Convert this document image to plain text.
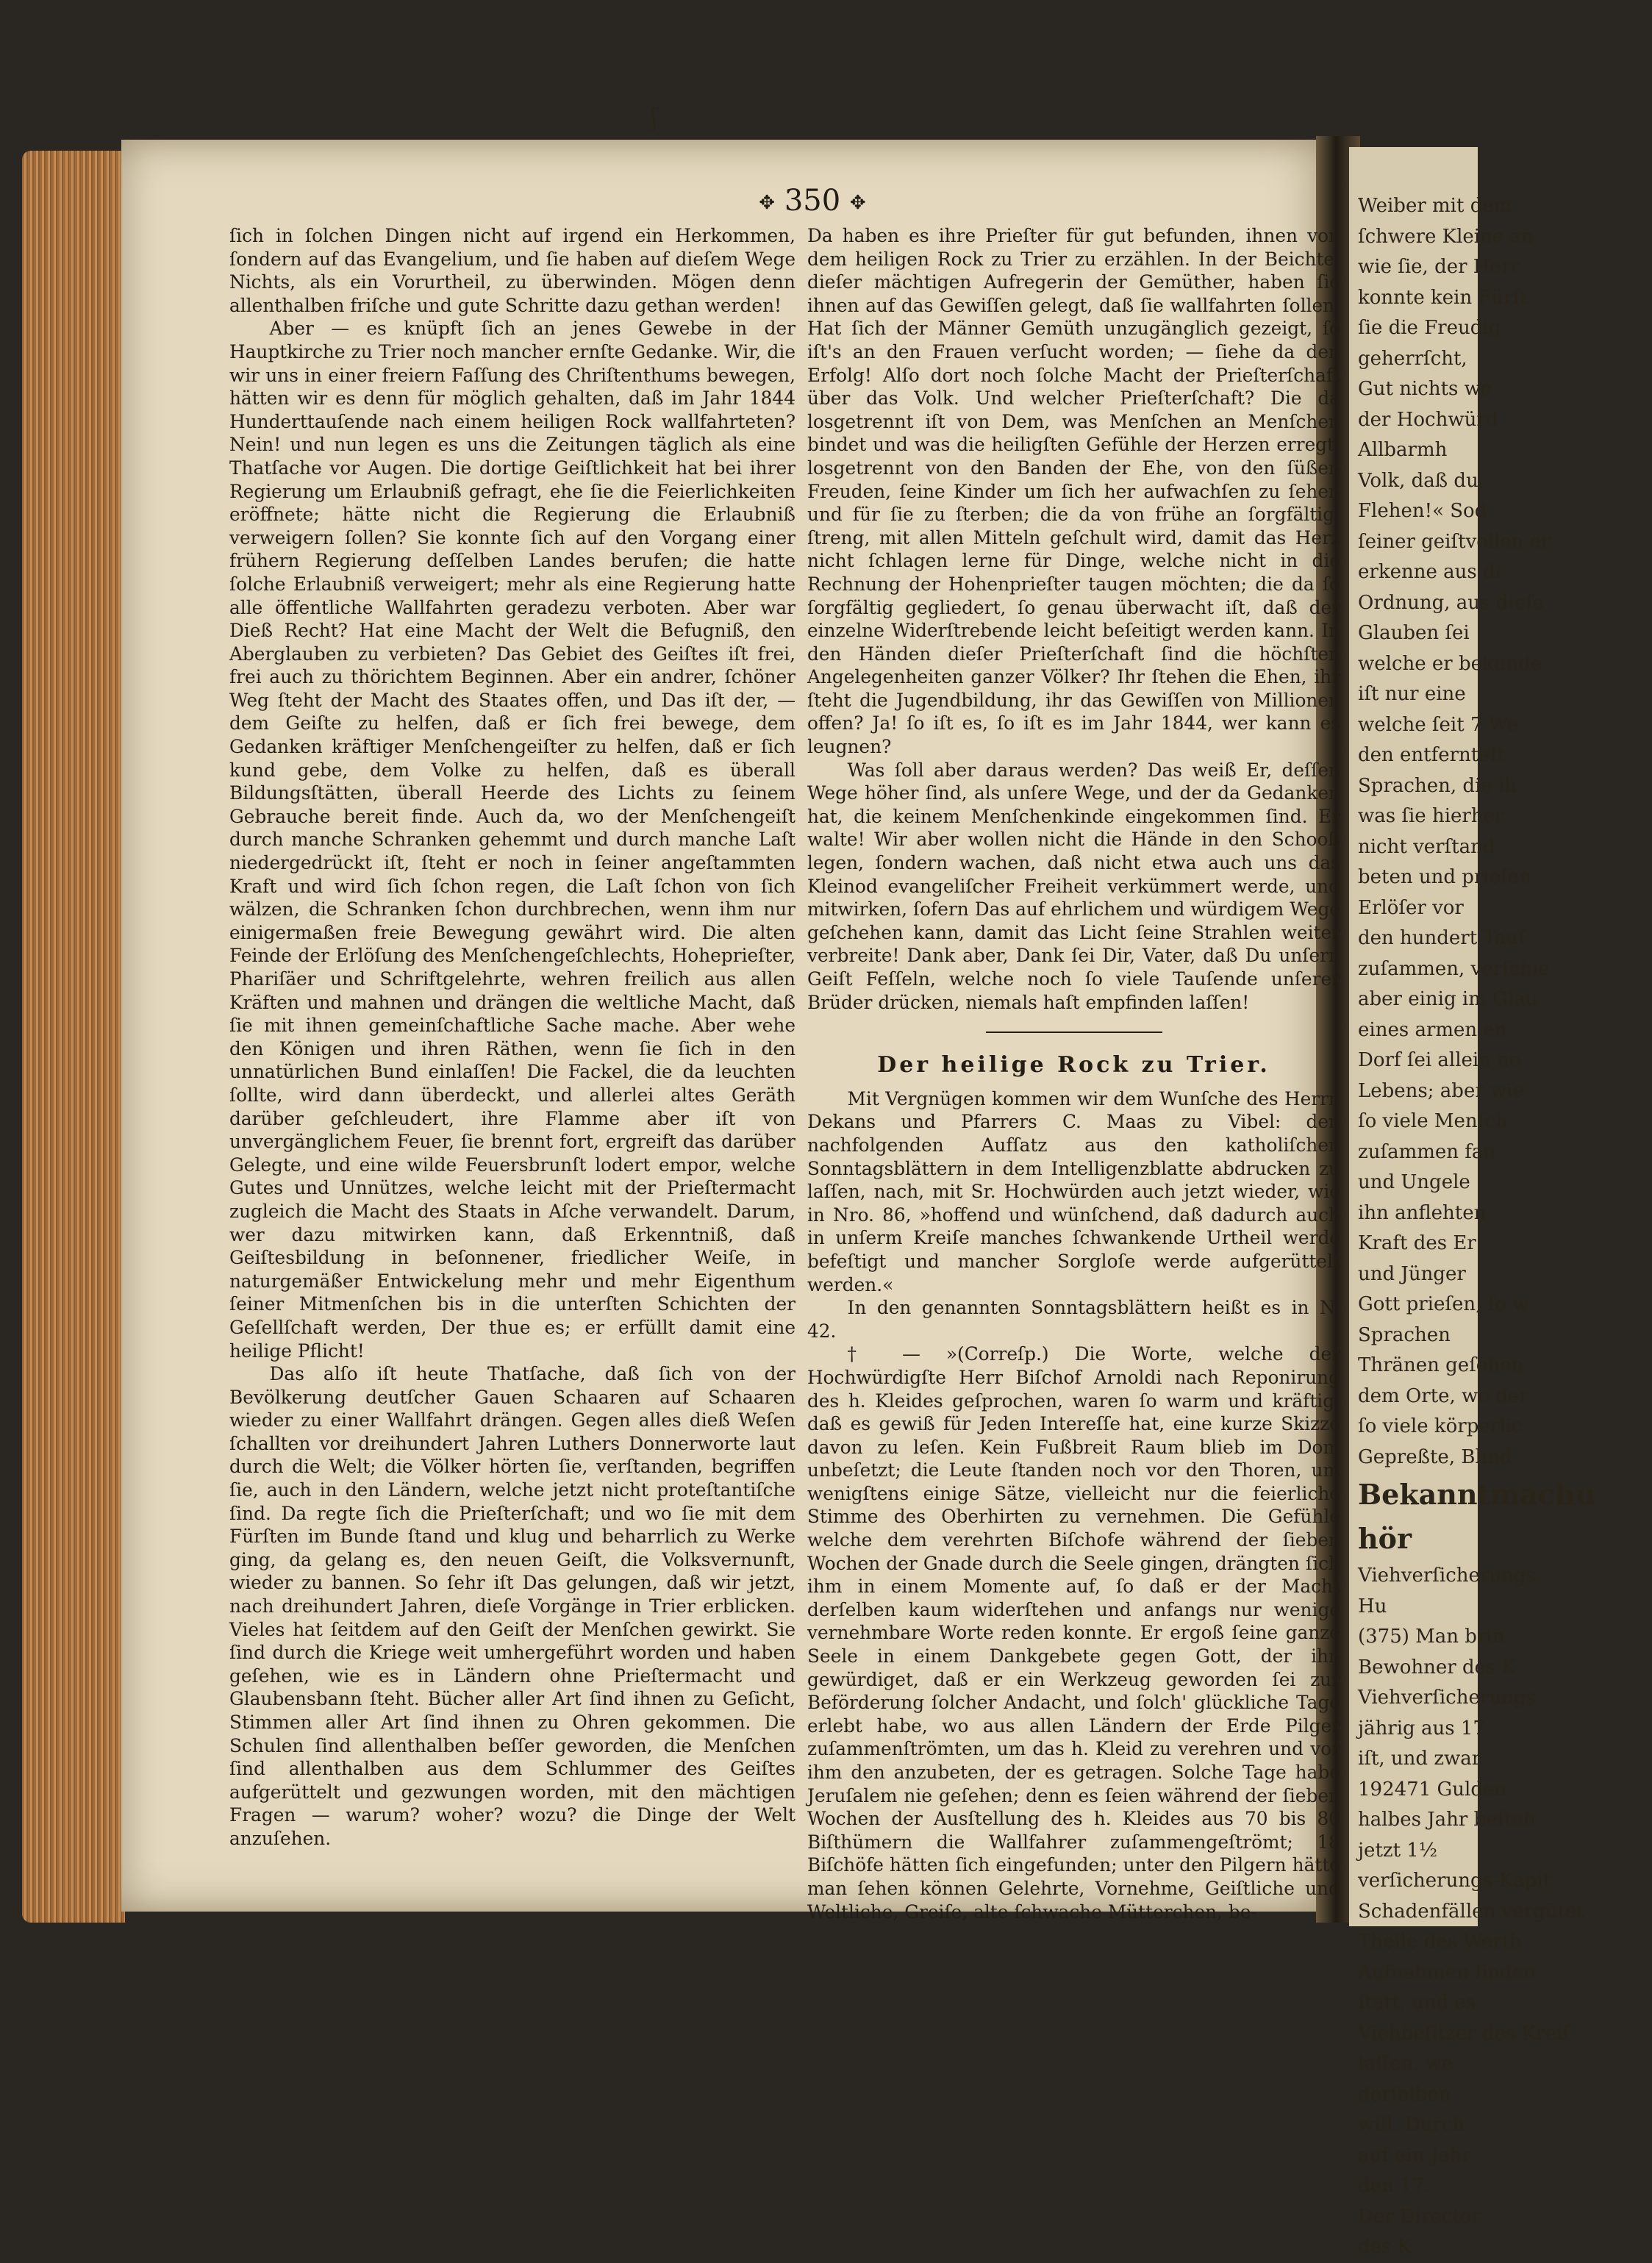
Weiber mit dem
ſchwere Kleine an
wie ſie, der Herr
konnte kein Fürſt
ſie die Freudig
geherrſcht,
Gut nichts we
der Hochwürd
Allbarmh
Volk, daß du
Flehen!« Sod
ſeiner geiſtvollen er
erkenne aus di
Ordnung, aus dieſe
Glauben ſei
welche er bekunde
iſt nur eine
welche ſeit 7 We
den entfernteſt
Sprachen, die ih
was ſie hierher
nicht verſtand
beten und prieſen
Erlöſer vor
den hundert Tauſ
zuſammen, verſchie
aber einig im Glau
eines armen en
Dorf ſei allein no
Lebens; aber wie
ſo viele Menſch
zuſammen fan
und Ungele
ihn anflehten
Kraft des Er
und Jünger
Gott prieſen, ſo w
Sprachen
Thränen geſehen
dem Orte, wo der
ſo viele körperlic
Gepreßte, Blind
Bekanntmachu
hör
Viehverſicherungs
Hu
(375) Man brin
Bewohner des K
Viehverſicherungs
jährig aus 17
iſt, und zwar
192471 Gulden
halbes Jahr beſteh
jetzt 1½
verſicherungs-Kapit
Schadenfällen vergütet
Theile des Werth
Aufnahmen finden
ſtatt, und es
Viehbeſitzer des Kreiſ
laſſen, we
derſelben
will. Durch
auf ein Jahr
den 17.
Der Director
des K
ʃ
✥ 350 ✥

ſich in ſolchen Dingen nicht auf irgend ein Herkommen, ſondern auf das Evangelium, und ſie haben auf dieſem Wege Nichts, als ein Vorurtheil, zu überwinden. Mögen denn allenthalben friſche und gute Schritte dazu gethan werden!

Aber — es knüpft ſich an jenes Gewebe in der Hauptkirche zu Trier noch mancher ernſte Gedanke. Wir, die wir uns in einer freiern Faſſung des Chriſtenthums bewegen, hätten wir es denn für möglich gehalten, daß im Jahr 1844 Hunderttauſende nach einem heiligen Rock wallfahrteten? Nein! und nun legen es uns die Zeitungen täglich als eine Thatſache vor Augen. Die dortige Geiſtlichkeit hat bei ihrer Regierung um Erlaubniß gefragt, ehe ſie die Feierlichkeiten eröffnete; hätte nicht die Regierung die Erlaubniß verweigern ſollen? Sie konnte ſich auf den Vorgang einer frühern Regierung deſſelben Landes berufen; die hatte ſolche Erlaubniß verweigert; mehr als eine Regierung hatte alle öffentliche Wallfahrten geradezu verboten. Aber war Dieß Recht? Hat eine Macht der Welt die Befugniß, den Aberglauben zu verbieten? Das Gebiet des Geiſtes iſt frei, frei auch zu thörichtem Beginnen. Aber ein andrer, ſchöner Weg ſteht der Macht des Staates offen, und Das iſt der, — dem Geiſte zu helfen, daß er ſich frei bewege, dem Gedanken kräftiger Menſchengeiſter zu helfen, daß er ſich kund gebe, dem Volke zu helfen, daß es überall Bildungsſtätten, überall Heerde des Lichts zu ſeinem Gebrauche bereit finde. Auch da, wo der Menſchengeiſt durch manche Schranken gehemmt und durch manche Laſt niedergedrückt iſt, ſteht er noch in ſeiner angeſtammten Kraft und wird ſich ſchon regen, die Laſt ſchon von ſich wälzen, die Schranken ſchon durchbrechen, wenn ihm nur einigermaßen freie Bewegung gewährt wird. Die alten Feinde der Erlöſung des Menſchengeſchlechts, Hoheprieſter, Phariſäer und Schriftgelehrte, wehren freilich aus allen Kräften und mahnen und drängen die weltliche Macht, daß ſie mit ihnen gemeinſchaftliche Sache mache. Aber wehe den Königen und ihren Räthen, wenn ſie ſich in den unnatürlichen Bund einlaſſen! Die Fackel, die da leuchten ſollte, wird dann überdeckt, und allerlei altes Geräth darüber geſchleudert, ihre Flamme aber iſt von unvergänglichem Feuer, ſie brennt fort, ergreift das darüber Gelegte, und eine wilde Feuersbrunſt lodert empor, welche Gutes und Unnützes, welche leicht mit der Prieſtermacht zugleich die Macht des Staats in Aſche verwandelt. Darum, wer dazu mitwirken kann, daß Erkenntniß, daß Geiſtesbildung in beſonnener, friedlicher Weiſe, in naturgemäßer Entwickelung mehr und mehr Eigenthum ſeiner Mitmenſchen bis in die unterſten Schichten der Geſellſchaft werden, Der thue es; er erfüllt damit eine heilige Pflicht!

Das alſo iſt heute Thatſache, daß ſich von der Bevölkerung deutſcher Gauen Schaaren auf Schaaren wieder zu einer Wallfahrt drängen. Gegen alles dieß Weſen ſchallten vor dreihundert Jahren Luthers Donnerworte laut durch die Welt; die Völker hörten ſie, verſtanden, begriffen ſie, auch in den Ländern, welche jetzt nicht proteſtantiſche ſind. Da regte ſich die Prieſterſchaft; und wo ſie mit dem Fürſten im Bunde ſtand und klug und beharrlich zu Werke ging, da gelang es, den neuen Geiſt, die Volksvernunft, wieder zu bannen. So ſehr iſt Das gelungen, daß wir jetzt, nach dreihundert Jahren, dieſe Vorgänge in Trier erblicken. Vieles hat ſeitdem auf den Geiſt der Menſchen gewirkt. Sie ſind durch die Kriege weit umhergeführt worden und haben geſehen, wie es in Ländern ohne Prieſtermacht und Glaubensbann ſteht. Bücher aller Art ſind ihnen zu Geſicht, Stimmen aller Art ſind ihnen zu Ohren gekommen. Die Schulen ſind allenthalben beſſer geworden, die Menſchen ſind allenthalben aus dem Schlummer des Geiſtes aufgerüttelt und gezwungen worden, mit den mächtigen Fragen — warum? woher? wozu? die Dinge der Welt anzuſehen.

Da haben es ihre Prieſter für gut befunden, ihnen von dem heiligen Rock zu Trier zu erzählen. In der Beichte, dieſer mächtigen Aufregerin der Gemüther, haben ſie ihnen auf das Gewiſſen gelegt, daß ſie wallfahrten ſollen. Hat ſich der Männer Gemüth unzugänglich gezeigt, ſo iſt's an den Frauen verſucht worden; — ſiehe da den Erfolg! Alſo dort noch ſolche Macht der Prieſterſchaft über das Volk. Und welcher Prieſterſchaft? Die da losgetrennt iſt von Dem, was Menſchen an Menſchen bindet und was die heiligſten Gefühle der Herzen erregt, losgetrennt von den Banden der Ehe, von den ſüßen Freuden, ſeine Kinder um ſich her aufwachſen zu ſehen und für ſie zu ſterben; die da von frühe an ſorgfältig, ſtreng, mit allen Mitteln geſchult wird, damit das Herz nicht ſchlagen lerne für Dinge, welche nicht in die Rechnung der Hohenprieſter taugen möchten; die da ſo ſorgfältig gegliedert, ſo genau überwacht iſt, daß der einzelne Widerſtrebende leicht beſeitigt werden kann. In den Händen dieſer Prieſterſchaft ſind die höchſten Angelegenheiten ganzer Völker? Ihr ſtehen die Ehen, ihr ſteht die Jugendbildung, ihr das Gewiſſen von Millionen offen? Ja! ſo iſt es, ſo iſt es im Jahr 1844, wer kann es leugnen?

Was ſoll aber daraus werden? Das weiß Er, deſſen Wege höher ſind, als unſere Wege, und der da Gedanken hat, die keinem Menſchenkinde eingekommen ſind. Er walte! Wir aber wollen nicht die Hände in den Schooß legen, ſondern wachen, daß nicht etwa auch uns das Kleinod evangeliſcher Freiheit verkümmert werde, und mitwirken, ſofern Das auf ehrlichem und würdigem Wege geſchehen kann, damit das Licht ſeine Strahlen weiter verbreite! Dank aber, Dank ſei Dir, Vater, daß Du unſern Geiſt Feſſeln, welche noch ſo viele Tauſende unſerer Brüder drücken, niemals haſt empfinden laſſen!

Der heilige Rock zu Trier.

Mit Vergnügen kommen wir dem Wunſche des Herrn Dekans und Pfarrers C. Maas zu Vibel: den nachfolgenden Aufſatz aus den katholiſchen Sonntagsblättern in dem Intelligenzblatte abdrucken zu laſſen, nach, mit Sr. Hochwürden auch jetzt wieder, wie in Nro. 86, »hoffend und wünſchend, daß dadurch auch in unſerm Kreiſe manches ſchwankende Urtheil werde befeſtigt und mancher Sorgloſe werde aufgerüttelt werden.«

In den genannten Sonntagsblättern heißt es in N. 42.

† — »(Correſp.) Die Worte, welche der Hochwürdigſte Herr Biſchof Arnoldi nach Reponirung des h. Kleides geſprochen, waren ſo warm und kräftig, daß es gewiß für Jeden Intereſſe hat, eine kurze Skizze davon zu leſen. Kein Fußbreit Raum blieb im Dom unbeſetzt; die Leute ſtanden noch vor den Thoren, um wenigſtens einige Sätze, vielleicht nur die feierliche Stimme des Oberhirten zu vernehmen. Die Gefühle welche dem verehrten Biſchofe während der ſieben Wochen der Gnade durch die Seele gingen, drängten ſich ihm in einem Momente auf, ſo daß er der Macht derſelben kaum widerſtehen und anfangs nur wenige vernehmbare Worte reden konnte. Er ergoß ſeine ganze Seele in einem Dankgebete gegen Gott, der ihn gewürdiget, daß er ein Werkzeug geworden ſei zur Beförderung ſolcher Andacht, und ſolch' glückliche Tage erlebt habe, wo aus allen Ländern der Erde Pilger zuſammenſtrömten, um das h. Kleid zu verehren und vor ihm den anzubeten, der es getragen. Solche Tage habe Jeruſalem nie geſehen; denn es ſeien während der ſieben Wochen der Ausſtellung des h. Kleides aus 70 bis 80 Biſthümern die Wallfahrer zuſammengeſtrömt; 18 Biſchöfe hätten ſich eingefunden; unter den Pilgern hätte man ſehen können Gelehrte, Vornehme, Geiſtliche und Weltliche, Greiſe, alte ſchwache Mütterchen, be-
